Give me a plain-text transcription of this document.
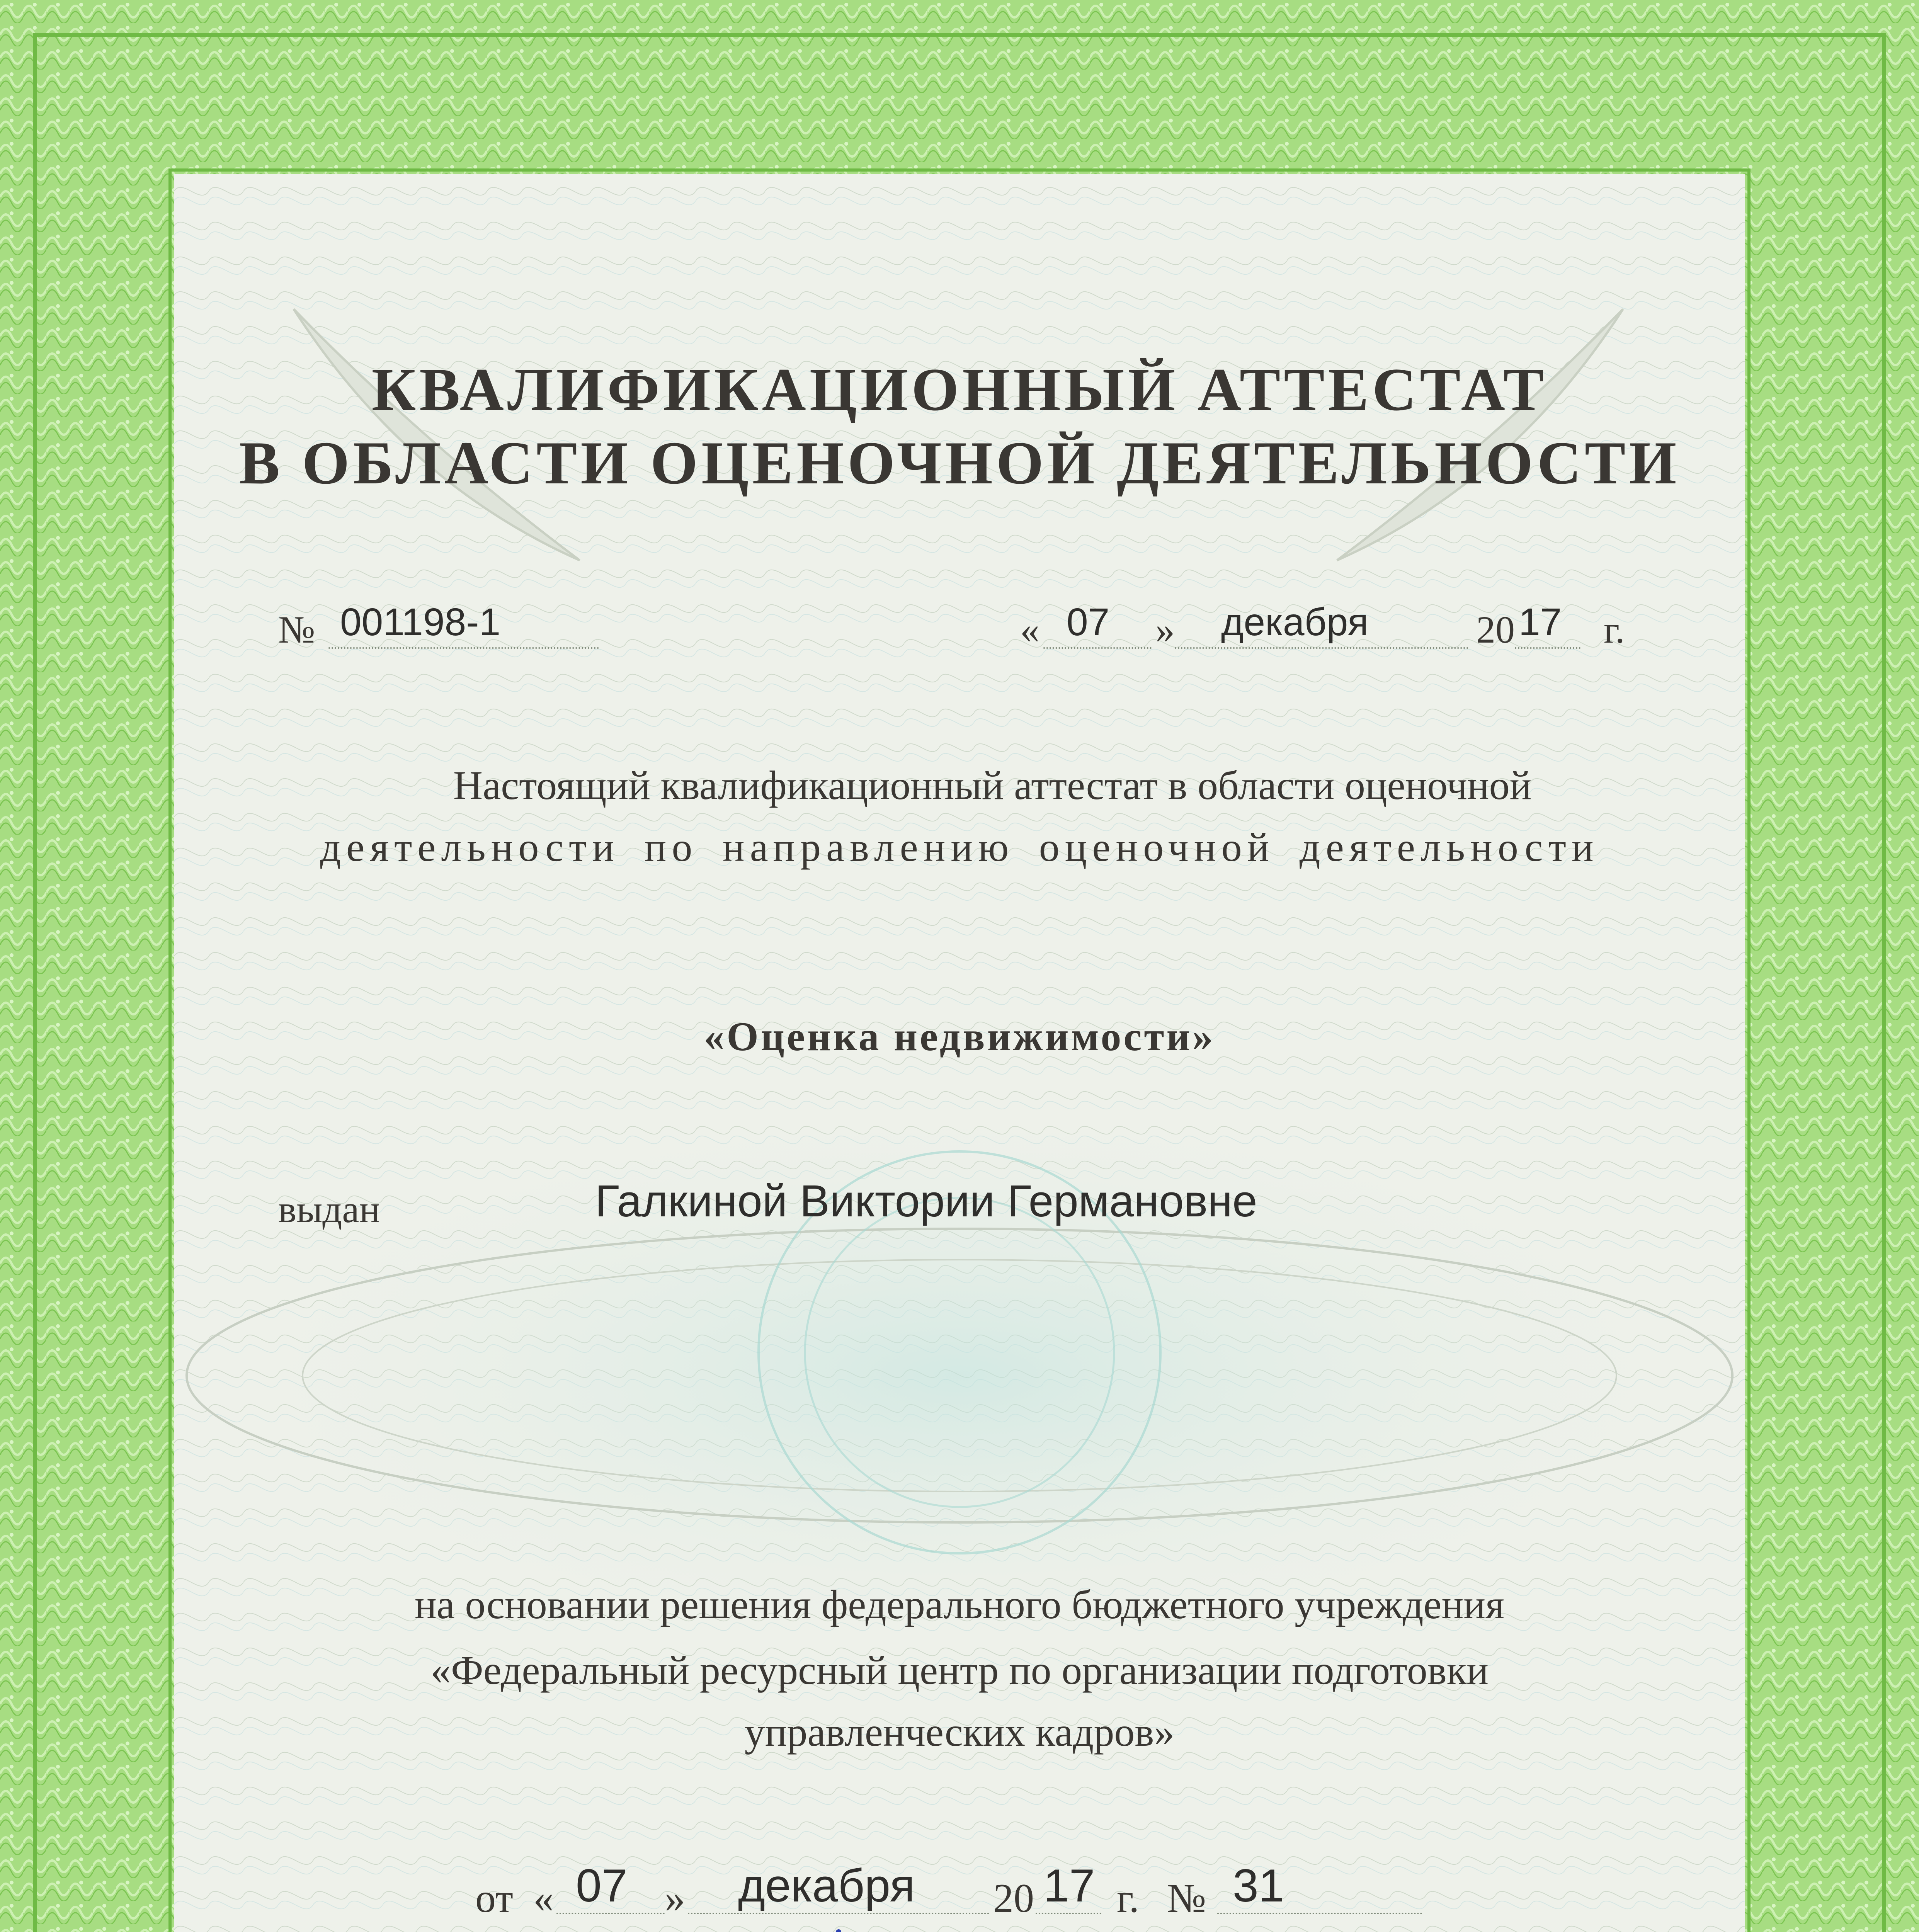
КВАЛИФИКАЦИОННЫЙ АТТЕСТАТ
В ОБЛАСТИ ОЦЕНОЧНОЙ ДЕЯТЕЛЬНОСТИ
№ 001198-1	« 07 » декабря	20 17 г.
Настоящий квалификационный аттестат в области оценочной
деятельности по направлению оценочной деятельности
«Оценка недвижимости»
выдан	Галкиной Виктории Германовне
на основании решения федерального бюджетного учреждения
«Федеральный ресурсный центр по организации подготовки
управленческих кадров»
от « 07 » декабря 20 17 г. № 31
